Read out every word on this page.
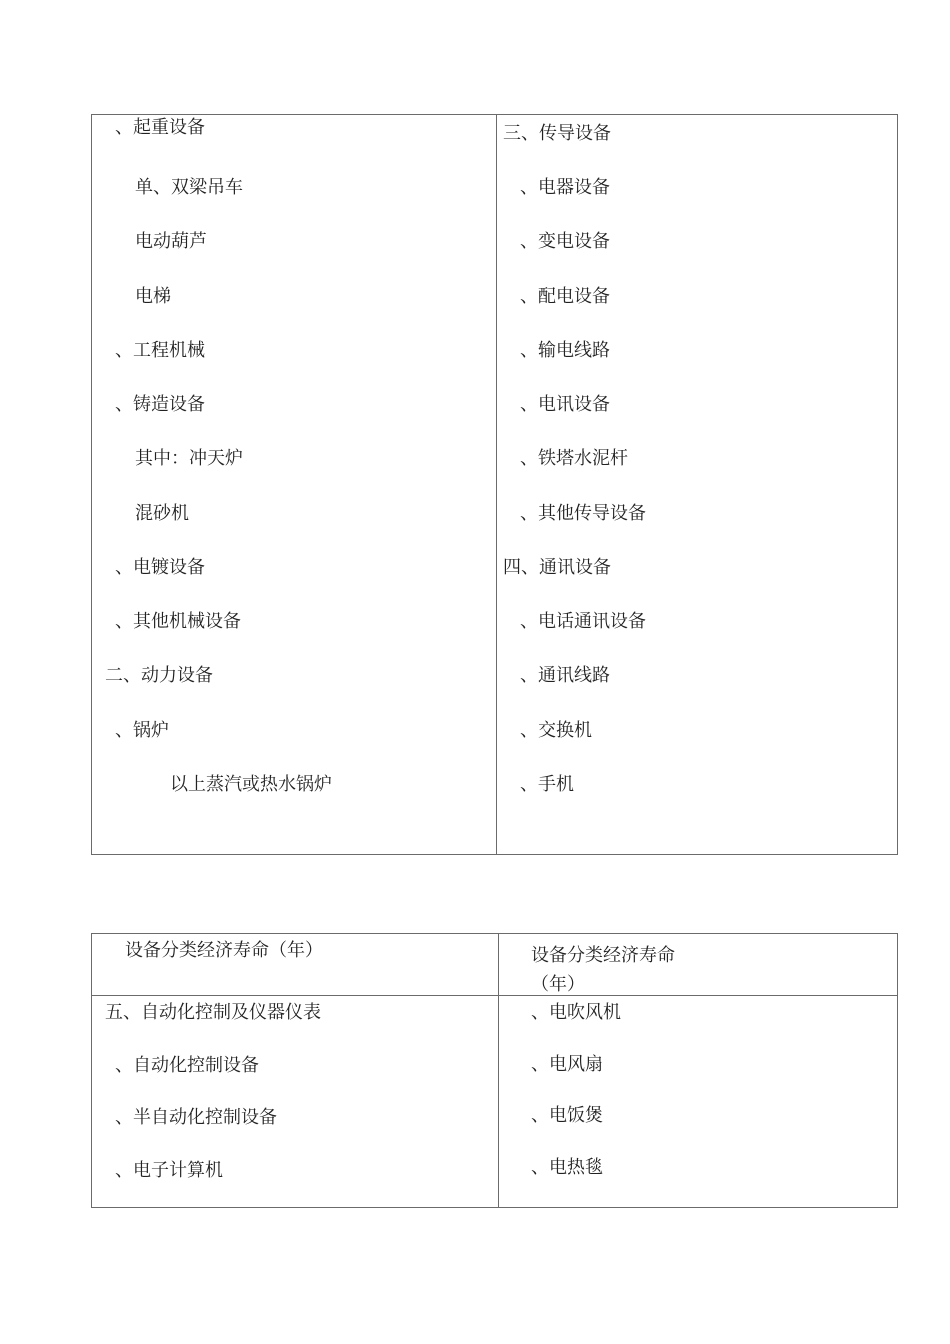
、起重设备
单、双梁吊车
电动葫芦
电梯
、工程机械
、铸造设备
其中：冲天炉
混砂机
、电镀设备
、其他机械设备
二、动力设备
、锅炉
以上蒸汽或热水锅炉
三、传导设备
、电器设备
、变电设备
、配电设备
、输电线路
、电讯设备
、铁塔水泥杆
、其他传导设备
四、通讯设备
、电话通讯设备
、通讯线路
、交换机
、手机
设备分类经济寿命（年）	设备分类经济寿命
（年）
五、自动化控制及仪器仪表
、自动化控制设备
、半自动化控制设备
、电子计算机
、电吹风机
、电风扇
、电饭煲
、电热毯
